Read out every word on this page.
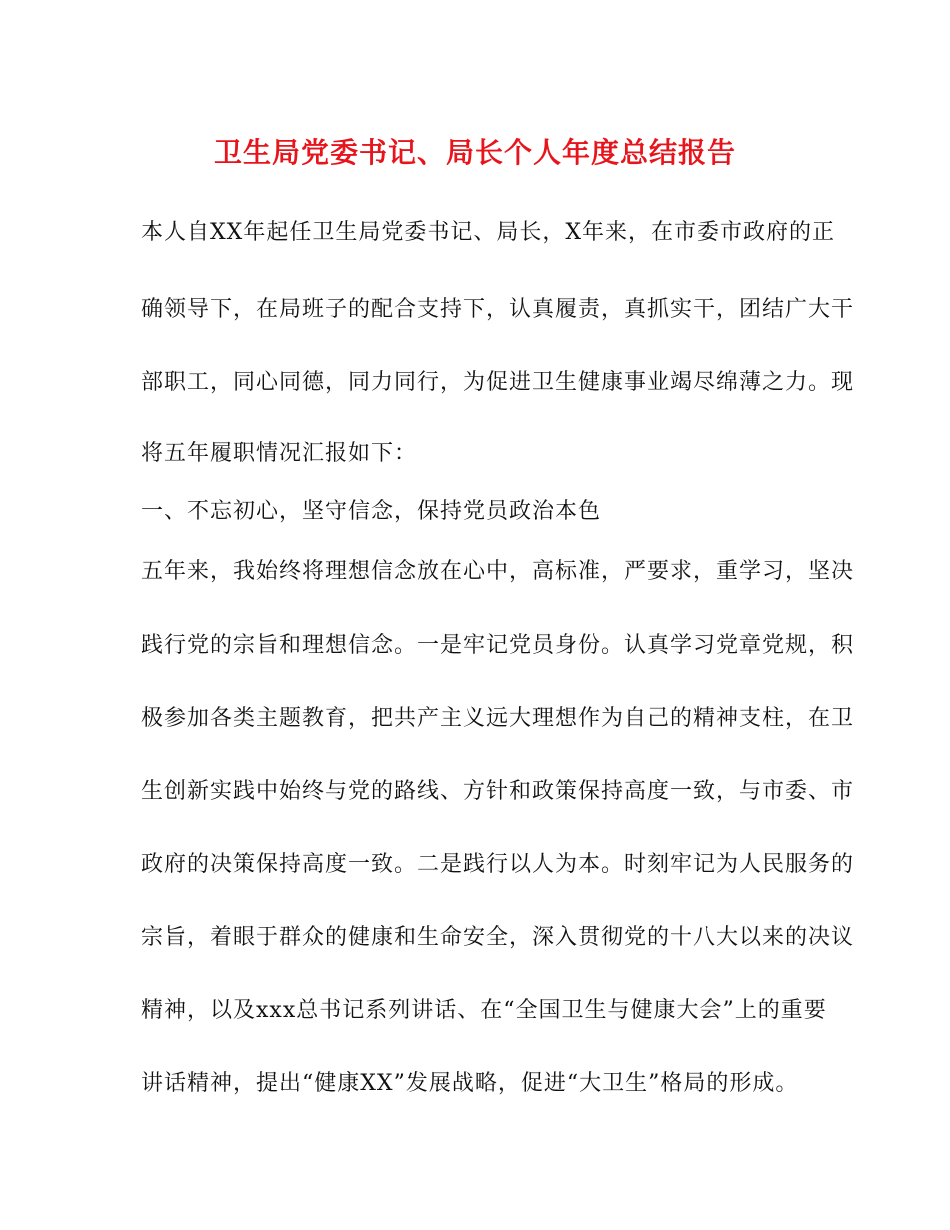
卫生局党委书记、局长个人年度总结报告
本人自XX年起任卫生局党委书记、局长，X年来，在市委市政府的正
确领导下，在局班子的配合支持下，认真履责，真抓实干，团结广大干
部职工，同心同德，同力同行，为促进卫生健康事业竭尽绵薄之力。现
将五年履职情况汇报如下：
一、不忘初心，坚守信念，保持党员政治本色
五年来，我始终将理想信念放在心中，高标准，严要求，重学习，坚决
践行党的宗旨和理想信念。一是牢记党员身份。认真学习党章党规，积
极参加各类主题教育，把共产主义远大理想作为自己的精神支柱，在卫
生创新实践中始终与党的路线、方针和政策保持高度一致，与市委、市
政府的决策保持高度一致。二是践行以人为本。时刻牢记为人民服务的
宗旨，着眼于群众的健康和生命安全，深入贯彻党的十八大以来的决议
精神，以及xxx总书记系列讲话、在“全国卫生与健康大会”上的重要
讲话精神，提出“健康XX”发展战略，促进“大卫生”格局的形成。
